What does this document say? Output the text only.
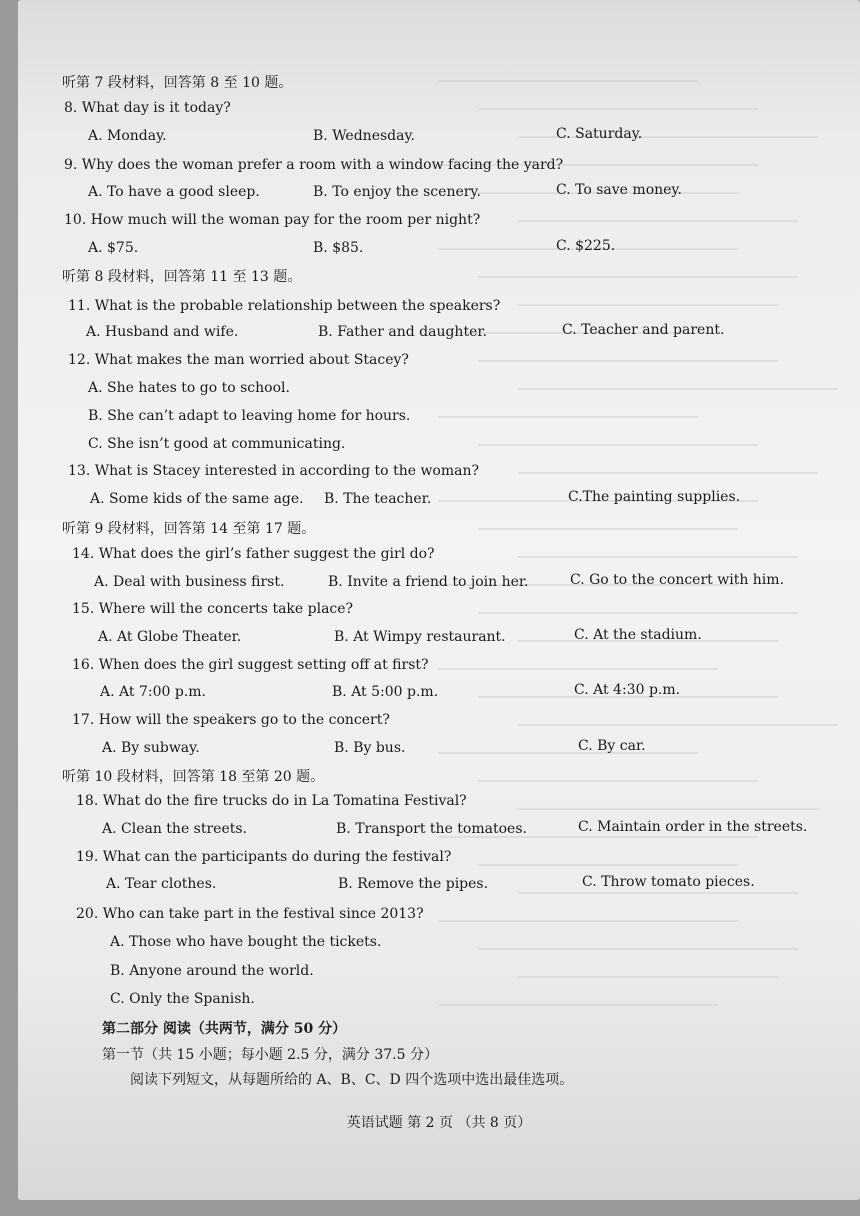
听第 7 段材料，回答第 8 至 10 题。
8. What day is it today?
A. Monday.	B. Wednesday.	C. Saturday.
9. Why does the woman prefer a room with a window facing the yard?
A. To have a good sleep.	B. To enjoy the scenery.	C. To save money.
10. How much will the woman pay for the room per night?
A. $75.	B. $85.	C. $225.
听第 8 段材料，回答第 11 至 13 题。
11. What is the probable relationship between the speakers?
A. Husband and wife.	B. Father and daughter.	C. Teacher and parent.
12. What makes the man worried about Stacey?
A. She hates to go to school.
B. She can’t adapt to leaving home for hours.
C. She isn’t good at communicating.
13. What is Stacey interested in according to the woman?
A. Some kids of the same age. B. The teacher.	C.The painting supplies.
听第 9 段材料，回答第 14 至第 17 题。
14. What does the girl’s father suggest the girl do?
A. Deal with business first.	B. Invite a friend to join her.	C. Go to the concert with him.
15. Where will the concerts take place?
A. At Globe Theater.	B. At Wimpy restaurant.	C. At the stadium.
16. When does the girl suggest setting off at first?
A. At 7:00 p.m.	B. At 5:00 p.m.	C. At 4:30 p.m.
17. How will the speakers go to the concert?
A. By subway.	B. By bus.	C. By car.
听第 10 段材料，回答第 18 至第 20 题。
18. What do the fire trucks do in La Tomatina Festival?
A. Clean the streets.	B. Transport the tomatoes.	C. Maintain order in the streets.
19. What can the participants do during the festival?
A. Tear clothes.	B. Remove the pipes.	C. Throw tomato pieces.
20. Who can take part in the festival since 2013?
A. Those who have bought the tickets.
B. Anyone around the world.
C. Only the Spanish.
第二部分 阅读（共两节，满分 50 分）
第一节（共 15 小题；每小题 2.5 分，满分 37.5 分）
阅读下列短文，从每题所给的 A、B、C、D 四个选项中选出最佳选项。
英语试题 第 2 页 （共 8 页）
